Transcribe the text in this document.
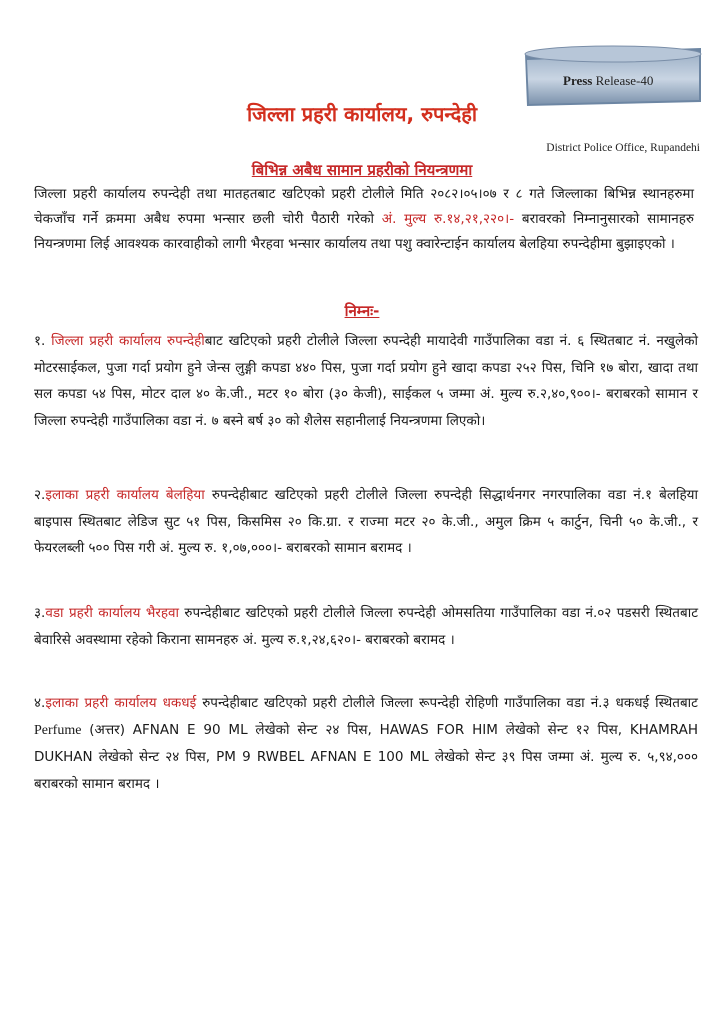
Press Release-40
जिल्ला प्रहरी कार्यालय, रुपन्देही
District Police Office, Rupandehi
बिभिन्न अबैध सामान प्रहरीको नियन्त्रणमा

जिल्ला प्रहरी कार्यालय रुपन्देही तथा मातहतबाट खटिएको प्रहरी टोलीले मिति २०८२।०५।०७ र ८ गते जिल्लाका बिभिन्न स्थानहरुमा चेकजाँच गर्ने क्रममा अबैध रुपमा भन्सार छली चोरी पैठारी गरेको अं. मुल्य रु.१४,२१,२२०।- बरावरको निम्नानुसारको सामानहरु नियन्त्रणमा लिई आवश्यक कारवाहीको लागी भैरहवा भन्सार कार्यालय तथा पशु क्वारेन्टाईन कार्यालय बेलहिया रुपन्देहीमा बुझाइएको ।

निम्नः-

१. जिल्ला प्रहरी कार्यालय रुपन्देहीबाट खटिएको प्रहरी टोलीले जिल्ला रुपन्देही मायादेवी गाउँपालिका वडा नं. ६ स्थितबाट नं. नखुलेको मोटरसाईकल, पुजा गर्दा प्रयोग हुने जेन्स लुङ्गी कपडा ४४० पिस, पुजा गर्दा प्रयोग हुने खादा कपडा २५२ पिस, चिनि १७ बोरा, खादा तथा सल कपडा ५४ पिस, मोटर दाल ४० के.जी., मटर १० बोरा (३० केजी), साईकल ५ जम्मा अं. मुल्य रु.२,४०,९००।- बराबरको सामान र जिल्ला रुपन्देही गाउँपालिका वडा नं. ७ बस्ने बर्ष ३० को शैलेस सहानीलाई नियन्त्रणमा लिएको।

२.इलाका प्रहरी कार्यालय बेलहिया रुपन्देहीबाट खटिएको प्रहरी टोलीले जिल्ला रुपन्देही सिद्धार्थनगर नगरपालिका वडा नं.१ बेलहिया बाइपास स्थितबाट लेडिज सुट ५१ पिस, किसमिस २० कि.ग्रा. र राज्मा मटर २० के.जी., अमुल क्रिम ५ कार्टुन, चिनी ५० के.जी., र फेयरलब्ली ५०० पिस गरी अं. मुल्य रु. १,०७,०००।- बराबरको सामान बरामद ।

३.वडा प्रहरी कार्यालय भैरहवा रुपन्देहीबाट खटिएको प्रहरी टोलीले जिल्ला रुपन्देही ओमसतिया गाउँपालिका वडा नं.०२ पडसरी स्थितबाट बेवारिसे अवस्थामा रहेको किराना सामनहरु अं. मुल्य रु.१,२४,६२०।- बराबरको बरामद ।

४.इलाका प्रहरी कार्यालय धकधई रुपन्देहीबाट खटिएको प्रहरी टोलीले जिल्ला रूपन्देही रोहिणी गाउँपालिका वडा नं.३ धकधई स्थितबाट Perfume (अत्तर) AFNAN E 90 ML लेखेको सेन्ट २४ पिस, HAWAS FOR HIM लेखेको सेन्ट १२ पिस, KHAMRAH DUKHAN लेखेको सेन्ट २४ पिस, PM 9 RWBEL AFNAN E 100 ML लेखेको सेन्ट ३९ पिस जम्मा अं. मुल्य रु. ५,९४,००० बराबरको सामान बरामद ।
